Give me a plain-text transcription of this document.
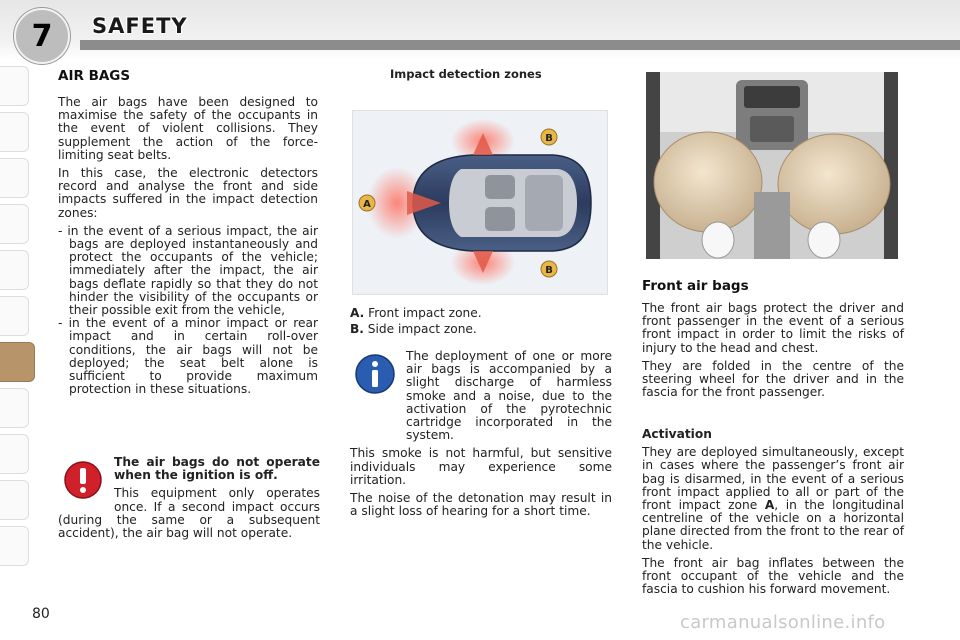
7 SAFETY
AIR BAGS

The air bags have been designed to maximise the safety of the occupants in the event of violent collisions. They supplement the action of the force-limiting seat belts.

In this case, the electronic detectors record and analyse the front and side impacts suffered in the impact detection zones:

- in the event of a serious impact, the air bags are deployed instantaneously and protect the occupants of the vehicle; immediately after the impact, the air bags deflate rapidly so that they do not hinder the visibility of the occupants or their possible exit from the vehicle,
- in the event of a minor impact or rear impact and in certain roll-over conditions, the air bags will not be deployed; the seat belt alone is sufficient to provide maximum protection in these situations.

The air bags do not operate when the ignition is off.

This equipment only operates once. If a second impact occurs (during the same or a subsequent accident), the air bag will not operate.

Impact detection zones
A
B
B
A. Front impact zone.
B. Side impact zone.

The deployment of one or more air bags is accompanied by a slight discharge of harmless smoke and a noise, due to the activation of the pyrotechnic cartridge incorporated in the system.

This smoke is not harmful, but sensitive individuals may experience some irritation.

The noise of the detonation may result in a slight loss of hearing for a short time.

Front air bags

The front air bags protect the driver and front passenger in the event of a serious front impact in order to limit the risks of injury to the head and chest.

They are folded in the centre of the steering wheel for the driver and in the fascia for the front passenger.

Activation

They are deployed simultaneously, except in cases where the passenger’s front air bag is disarmed, in the event of a serious front impact applied to all or part of the front impact zone A, in the longitudinal centreline of the vehicle on a horizontal plane directed from the front to the rear of the vehicle.

The front air bag inflates between the front occupant of the vehicle and the fascia to cushion his forward movement.

80	carmanualsonline.info
